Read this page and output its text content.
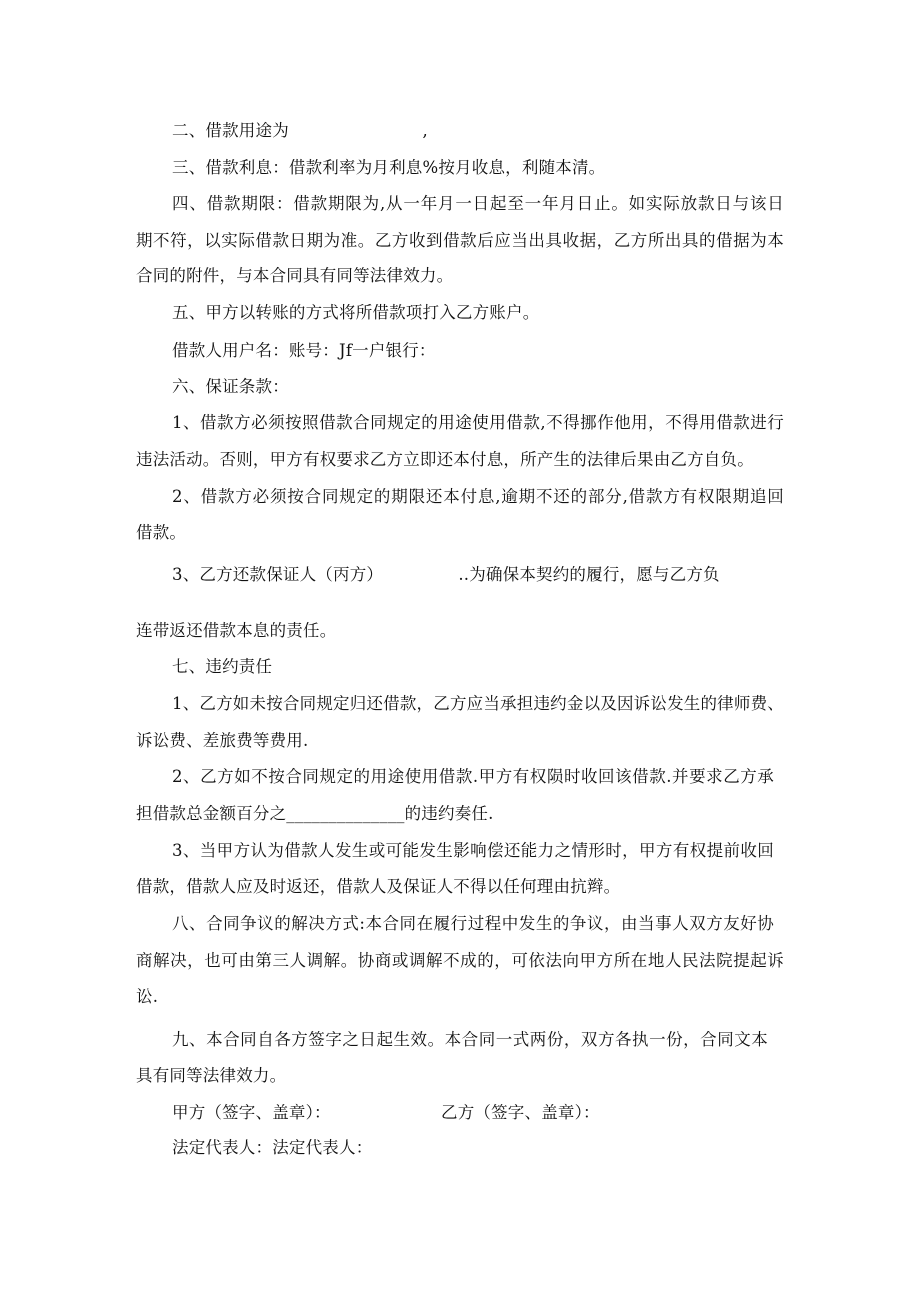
二、借款用途为　　　　　　　　,
三、借款利息：借款利率为月利息%按月收息，利随本清。
四、借款期限：借款期限为,从一年月一日起至一年月日止。如实际放款日与该日
期不符，以实际借款日期为准。乙方收到借款后应当出具收据，乙方所出具的借据为本
合同的附件，与本合同具有同等法律效力。
五、甲方以转账的方式将所借款项打入乙方账户。
借款人用户名：账号：Jf一户银行：
六、保证条款：
1、借款方必须按照借款合同规定的用途使用借款,不得挪作他用，不得用借款进行
违法活动。否则，甲方有权要求乙方立即还本付息，所产生的法律后果由乙方自负。
2、借款方必须按合同规定的期限还本付息,逾期不还的部分,借款方有权限期追回
借款。
3、乙方还款保证人（丙方）　　　　　..为确保本契约的履行，愿与乙方负
连带返还借款本息的责任。
七、违约责任
1、乙方如未按合同规定归还借款，乙方应当承担违约金以及因诉讼发生的律师费、
诉讼费、差旅费等费用.
2、乙方如不按合同规定的用途使用借款.甲方有权陨时收回该借款.并要求乙方承
担借款总金额百分之______________的违约奏任.
3、当甲方认为借款人发生或可能发生影响偿还能力之情形时，甲方有权提前收回
借款，借款人应及时返还，借款人及保证人不得以任何理由抗辫。
八、合同争议的解决方式:本合同在履行过程中发生的争议，由当事人双方友好协
商解决，也可由第三人调解。协商或调解不成的，可依法向甲方所在地人民法院提起诉
讼.
九、本合同自各方签字之日起生效。本合同一式两份，双方各执一份，合同文本
具有同等法律效力。
甲方（签字、盖章）：	乙方（签字、盖章）：
法定代表人：法定代表人：
